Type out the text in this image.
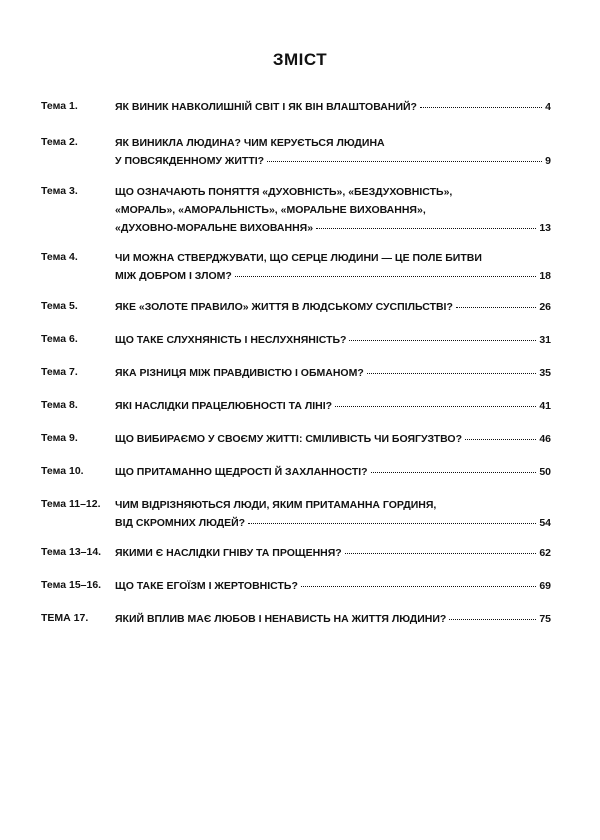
ЗМІСТ
Тема 1.	ЯК ВИНИК НАВКОЛИШНІЙ СВІТ І ЯК ВІН ВЛАШТОВАНИЙ?	4
Тема 2.	ЯК ВИНИКЛА ЛЮДИНА? ЧИМ КЕРУЄТЬСЯ ЛЮДИНА
У ПОВСЯКДЕННОМУ ЖИТТІ?	9
Тема 3.	ЩО ОЗНАЧАЮТЬ ПОНЯТТЯ «ДУХОВНІСТЬ», «БЕЗДУХОВНІСТЬ»,
«МОРАЛЬ», «АМОРАЛЬНІСТЬ», «МОРАЛЬНЕ ВИХОВАННЯ»,
«ДУХОВНО-МОРАЛЬНЕ ВИХОВАННЯ»	13
Тема 4.	ЧИ МОЖНА СТВЕРДЖУВАТИ, ЩО СЕРЦЕ ЛЮДИНИ — ЦЕ ПОЛЕ БИТВИ
МІЖ ДОБРОМ І ЗЛОМ?	18
Тема 5.	ЯКЕ «ЗОЛОТЕ ПРАВИЛО» ЖИТТЯ В ЛЮДСЬКОМУ СУСПІЛЬСТВІ?	26
Тема 6.	ЩО ТАКЕ СЛУХНЯНІСТЬ І НЕСЛУХНЯНІСТЬ?	31
Тема 7.	ЯКА РІЗНИЦЯ МІЖ ПРАВДИВІСТЮ І ОБМАНОМ?	35
Тема 8.	ЯКІ НАСЛІДКИ ПРАЦЕЛЮБНОСТІ ТА ЛІНІ?	41
Тема 9.	ЩО ВИБИРАЄМО У СВОЄМУ ЖИТТІ: СМІЛИВІСТЬ ЧИ БОЯГУЗТВО?	46
Тема 10.	ЩО ПРИТАМАННО ЩЕДРОСТІ Й ЗАХЛАННОСТІ?	50
Тема 11–12. ЧИМ ВІДРІЗНЯЮТЬСЯ ЛЮДИ, ЯКИМ ПРИТАМАННА ГОРДИНЯ,
ВІД СКРОМНИХ ЛЮДЕЙ?	54
Тема 13–14. ЯКИМИ Є НАСЛІДКИ ГНІВУ ТА ПРОЩЕННЯ?	62
Тема 15–16. ЩО ТАКЕ ЕГОЇЗМ І ЖЕРТОВНІСТЬ?	69
ТЕМА 17.	ЯКИЙ ВПЛИВ МАЄ ЛЮБОВ І НЕНАВИСТЬ НА ЖИТТЯ ЛЮДИНИ?	75
